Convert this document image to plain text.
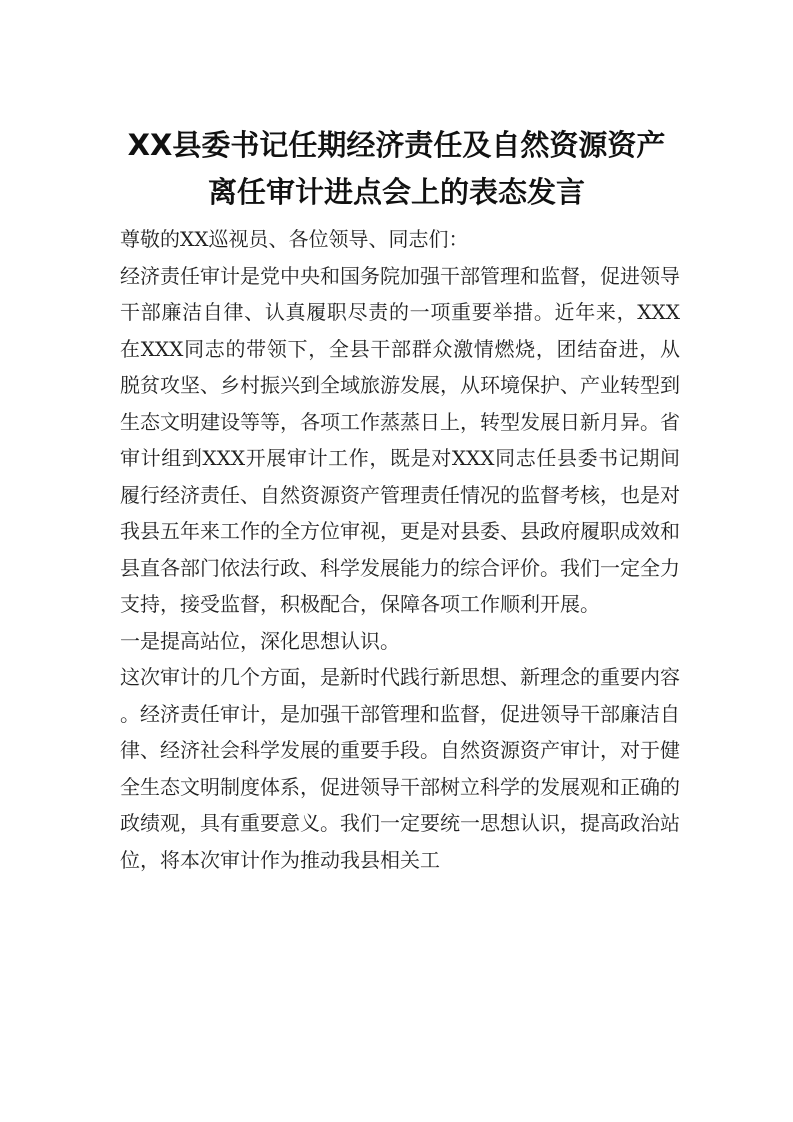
XX县委书记任期经济责任及自然资源资产
离任审计进点会上的表态发言

尊敬的XX巡视员、各位领导、同志们：

经济责任审计是党中央和国务院加强干部管理和监督，促进领导干部廉洁自律、认真履职尽责的一项重要举措。近年来，XXX在XXX同志的带领下，全县干部群众激情燃烧，团结奋进，从脱贫攻坚、乡村振兴到全域旅游发展，从环境保护、产业转型到生态文明建设等等，各项工作蒸蒸日上，转型发展日新月异。省审计组到XXX开展审计工作，既是对XXX同志任县委书记期间履行经济责任、自然资源资产管理责任情况的监督考核，也是对我县五年来工作的全方位审视，更是对县委、县政府履职成效和县直各部门依法行政、科学发展能力的综合评价。我们一定全力支持，接受监督，积极配合，保障各项工作顺利开展。

一是提高站位，深化思想认识。

这次审计的几个方面，是新时代践行新思想、新理念的重要内容。经济责任审计，是加强干部管理和监督，促进领导干部廉洁自律、经济社会科学发展的重要手段。自然资源资产审计，对于健全生态文明制度体系，促进领导干部树立科学的发展观和正确的政绩观，具有重要意义。我们一定要统一思想认识，提高政治站位，将本次审计作为推动我县相关工
